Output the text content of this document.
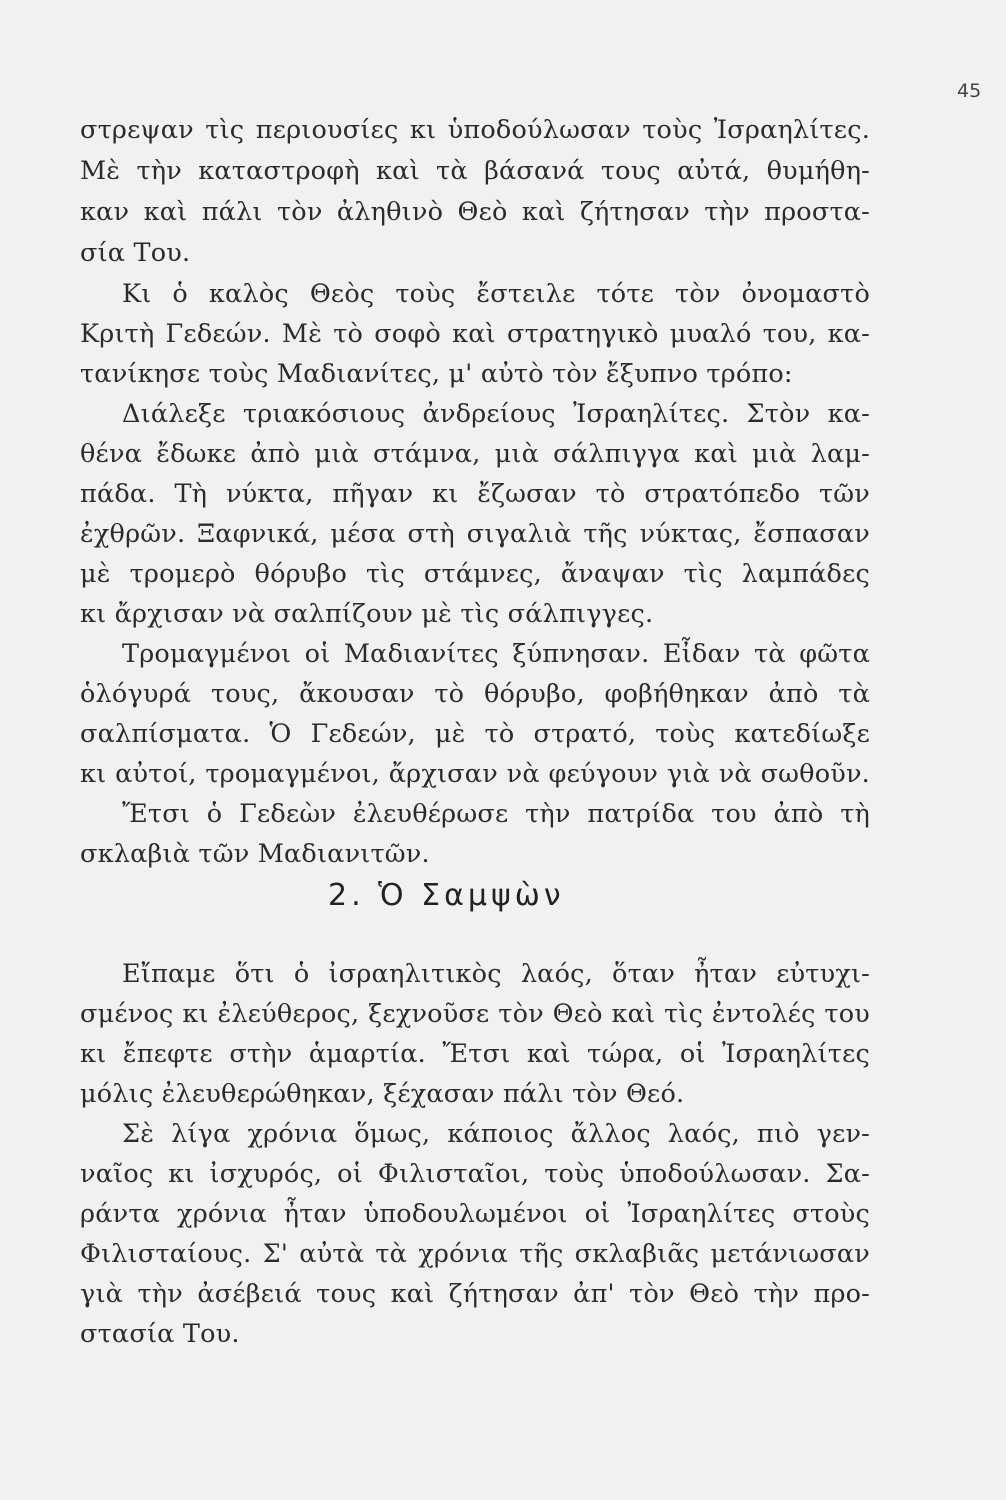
45
στρεψαν τὶς περιουσίες κι ὑποδούλωσαν τοὺς Ἰσραηλίτες.
Μὲ τὴν καταστροφὴ καὶ τὰ βάσανά τους αὐτά, θυμήθη-
καν καὶ πάλι τὸν ἀληθινὸ Θεὸ καὶ ζήτησαν τὴν προστα-
σία Του.
Κι ὁ καλὸς Θεὸς τοὺς ἔστειλε τότε τὸν ὀνομαστὸ
Κριτὴ Γεδεών. Μὲ τὸ σοφὸ καὶ στρατηγικὸ μυαλό του, κα-
τανίκησε τοὺς Μαδιανίτες, μ' αὐτὸ τὸν ἔξυπνο τρόπο:
Διάλεξε τριακόσιους ἀνδρείους Ἰσραηλίτες. Στὸν κα-
θένα ἔδωκε ἀπὸ μιὰ στάμνα, μιὰ σάλπιγγα καὶ μιὰ λαμ-
πάδα. Τὴ νύκτα, πῆγαν κι ἔζωσαν τὸ στρατόπεδο τῶν
ἐχθρῶν. Ξαφνικά, μέσα στὴ σιγαλιὰ τῆς νύκτας, ἔσπασαν
μὲ τρομερὸ θόρυβο τὶς στάμνες, ἄναψαν τὶς λαμπάδες
κι ἄρχισαν νὰ σαλπίζουν μὲ τὶς σάλπιγγες.
Τρομαγμένοι οἱ Μαδιανίτες ξύπνησαν. Εἶδαν τὰ φῶτα
ὁλόγυρά τους, ἄκουσαν τὸ θόρυβο, φοβήθηκαν ἀπὸ τὰ
σαλπίσματα. Ὁ Γεδεών, μὲ τὸ στρατό, τοὺς κατεδίωξε
κι αὐτοί, τρομαγμένοι, ἄρχισαν νὰ φεύγουν γιὰ νὰ σωθοῦν.
Ἔτσι ὁ Γεδεὼν ἐλευθέρωσε τὴν πατρίδα του ἀπὸ τὴ
σκλαβιὰ τῶν Μαδιανιτῶν.
2. Ὁ Σαμψὼν
Εἴπαμε ὅτι ὁ ἰσραηλιτικὸς λαός, ὅταν ἦταν εὐτυχι-
σμένος κι ἐλεύθερος, ξεχνοῦσε τὸν Θεὸ καὶ τὶς ἐντολές του
κι ἔπεφτε στὴν ἁμαρτία. Ἔτσι καὶ τώρα, οἱ Ἰσραηλίτες
μόλις ἐλευθερώθηκαν, ξέχασαν πάλι τὸν Θεό.
Σὲ λίγα χρόνια ὅμως, κάποιος ἄλλος λαός, πιὸ γεν-
ναῖος κι ἰσχυρός, οἱ Φιλισταῖοι, τοὺς ὑποδούλωσαν. Σα-
ράντα χρόνια ἦταν ὑποδουλωμένοι οἱ Ἰσραηλίτες στοὺς
Φιλισταίους. Σ' αὐτὰ τὰ χρόνια τῆς σκλαβιᾶς μετάνιωσαν
γιὰ τὴν ἀσέβειά τους καὶ ζήτησαν ἀπ' τὸν Θεὸ τὴν προ-
στασία Του.
